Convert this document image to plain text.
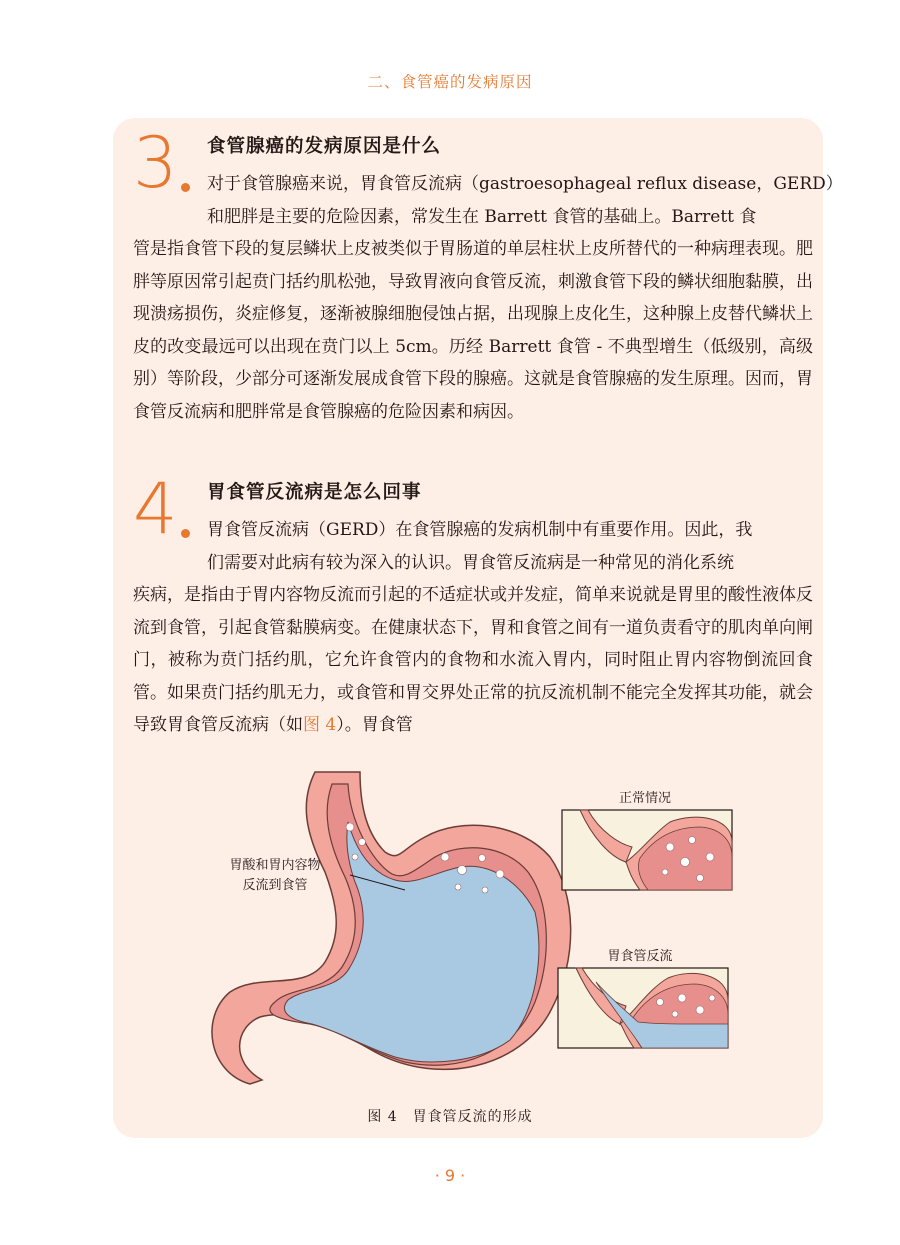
二、食管癌的发病原因
3 食管腺癌的发病原因是什么
对于食管腺癌来说，胃食管反流病（gastroesophageal reflux disease，GERD）
和肥胖是主要的危险因素，常发生在 Barrett 食管的基础上。Barrett 食
管是指食管下段的复层鳞状上皮被类似于胃肠道的单层柱状上皮所替代的一种病理表现。肥胖等原因常引起贲门括约肌松弛，导致胃液向食管反流，刺激食管下段的鳞状细胞黏膜，出现溃疡损伤，炎症修复，逐渐被腺细胞侵蚀占据，出现腺上皮化生，这种腺上皮替代鳞状上皮的改变最远可以出现在贲门以上 5cm。历经 Barrett 食管 - 不典型增生（低级别，高级别）等阶段，少部分可逐渐发展成食管下段的腺癌。这就是食管腺癌的发生原理。因而，胃食管反流病和肥胖常是食管腺癌的危险因素和病因。
4 胃食管反流病是怎么回事
胃食管反流病（GERD）在食管腺癌的发病机制中有重要作用。因此，我
们需要对此病有较为深入的认识。胃食管反流病是一种常见的消化系统
疾病，是指由于胃内容物反流而引起的不适症状或并发症，简单来说就是胃里的酸性液体反流到食管，引起食管黏膜病变。在健康状态下，胃和食管之间有一道负责看守的肌肉单向闸门，被称为贲门括约肌，它允许食管内的食物和水流入胃内，同时阻止胃内容物倒流回食管。如果贲门括约肌无力，或食管和胃交界处正常的抗反流机制不能完全发挥其功能，就会导致胃食管反流病（如图 4）。胃食管
胃酸和胃内容物
反流到食管
正常情况
胃食管反流
图 4　胃食管反流的形成
· 9 ·
